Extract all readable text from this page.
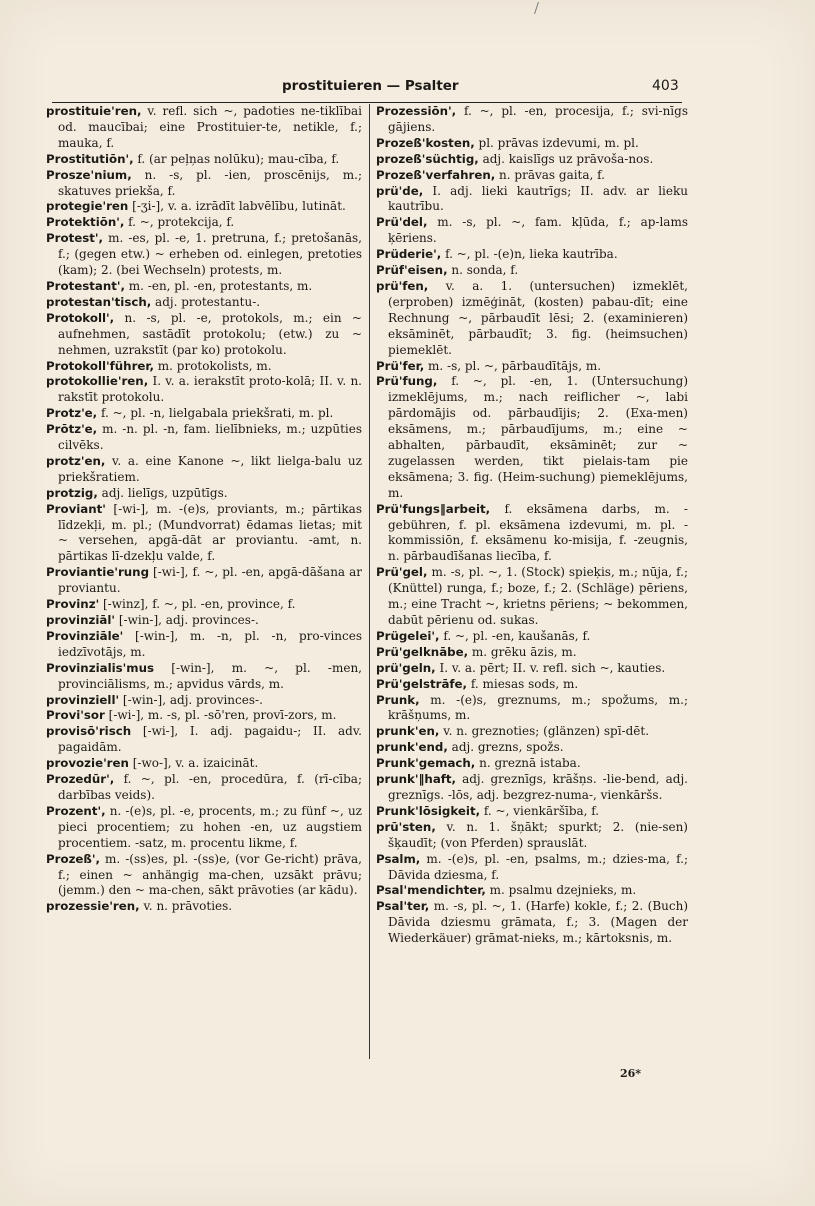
prostituieren — Psalter	403

prostituie'ren, v. refl. sich ~, padoties ne-tiklībai od. maucībai; eine Prostituier-te, netikle, f.; mauka, f.

Prostitutiōn', f. (ar peļņas nolūku); mau-cība, f.

Prosze'nium, n. -s, pl. -ien, proscēnijs, m.; skatuves priekša, f.

protegie'ren [-ʒi-], v. a. izrādīt labvēlību, lutināt.

Protektiōn', f. ~, protekcija, f.

Protest', m. -es, pl. -e, 1. pretruna, f.; pretošanās, f.; (gegen etw.) ~ erheben od. einlegen, pretoties (kam); 2. (bei Wechseln) protests, m.

Protestant', m. -en, pl. -en, protestants, m.

protestan'tisch, adj. protestantu-.

Protokoll', n. -s, pl. -e, protokols, m.; ein ~ aufnehmen, sastādīt protokolu; (etw.) zu ~ nehmen, uzrakstīt (par ko) protokolu.

Protokoll'führer, m. protokolists, m.

protokollie'ren, I. v. a. ierakstīt proto-kolā; II. v. n. rakstīt protokolu.

Protz'e, f. ~, pl. -n, lielgabala priekšrati, m. pl.

Prōtz'e, m. -n. pl. -n, fam. lielībnieks, m.; uzpūties cilvēks.

protz'en, v. a. eine Kanone ~, likt lielga-balu uz priekšratiem.

protzig, adj. lielīgs, uzpūtīgs.

Proviant' [-wi-], m. -(e)s, proviants, m.; pārtikas līdzekļi, m. pl.; (Mundvorrat) ēdamas lietas; mit ~ versehen, apgā-dāt ar proviantu. -amt, n. pārtikas lī-dzekļu valde, f.

Proviantie'rung [-wi-], f. ~, pl. -en, apgā-dāšana ar proviantu.

Provinz' [-winz], f. ~, pl. -en, province, f.

provinziāl' [-win-], adj. provinces-.

Provinziāle' [-win-], m. -n, pl. -n, pro-vinces iedzīvotājs, m.

Provinzialis'mus [-win-], m. ~, pl. -men, provinciālisms, m.; apvidus vārds, m.

provinziell' [-win-], adj. provinces-.

Provi'sor [-wi-], m. -s, pl. -sō'ren, provī-zors, m.

provisō'risch [-wi-], I. adj. pagaidu-; II. adv. pagaidām.

provozie'ren [-wo-], v. a. izaicināt.

Prozedūr', f. ~, pl. -en, procedūra, f. (rī-cība; darbības veids).

Prozent', n. -(e)s, pl. -e, procents, m.; zu fünf ~, uz pieci procentiem; zu hohen -en, uz augstiem procentiem. -satz, m. procentu likme, f.

Prozeß', m. -(ss)es, pl. -(ss)e, (vor Ge-richt) prāva, f.; einen ~ anhängig ma-chen, uzsākt prāvu; (jemm.) den ~ ma-chen, sākt prāvoties (ar kādu).

prozessie'ren, v. n. prāvoties.

Prozessiōn', f. ~, pl. -en, procesija, f.; svi-nīgs gājiens.

Prozeß'kosten, pl. prāvas izdevumi, m. pl.

prozeß'süchtig, adj. kaislīgs uz prāvoša-nos.

Prozeß'verfahren, n. prāvas gaita, f.

prü'de, I. adj. lieki kautrīgs; II. adv. ar lieku kautrību.

Prü'del, m. -s, pl. ~, fam. kļūda, f.; ap-lams ķēriens.

Prüderie', f. ~, pl. -(e)n, lieka kautrība.

Prüf'eisen, n. sonda, f.

prü'fen, v. a. 1. (untersuchen) izmeklēt, (erproben) izmēģināt, (kosten) pabau-dīt; eine Rechnung ~, pārbaudīt lēsi; 2. (examinieren) eksāminēt, pārbaudīt; 3. fig. (heimsuchen) piemeklēt.

Prü'fer, m. -s, pl. ~, pārbaudītājs, m.

Prü'fung, f. ~, pl. -en, 1. (Untersuchung) izmeklējums, m.; nach reiflicher ~, labi pārdomājis od. pārbaudījis; 2. (Exa-men) eksāmens, m.; pārbaudījums, m.; eine ~ abhalten, pārbaudīt, eksāminēt; zur ~ zugelassen werden, tikt pielais-tam pie eksāmena; 3. fig. (Heim-suchung) piemeklējums, m.

Prü'fungs‖arbeit, f. eksāmena darbs, m. -gebühren, f. pl. eksāmena izdevumi, m. pl. -kommissiōn, f. eksāmenu ko-misija, f. -zeugnis, n. pārbaudīšanas liecība, f.

Prü'gel, m. -s, pl. ~, 1. (Stock) spieķis, m.; nūja, f.; (Knüttel) runga, f.; boze, f.; 2. (Schläge) pēriens, m.; eine Tracht ~, krietns pēriens; ~ bekommen, dabūt pērienu od. sukas.

Prügelei', f. ~, pl. -en, kaušanās, f.

Prü'gelknābe, m. grēku āzis, m.

prü'geln, I. v. a. pērt; II. v. refl. sich ~, kauties.

Prü'gelstrāfe, f. miesas sods, m.

Prunk, m. -(e)s, greznums, m.; spožums, m.; krāšņums, m.

prunk'en, v. n. greznoties; (glänzen) spī-dēt.

prunk'end, adj. grezns, spožs.

Prunk'gemach, n. greznā istaba.

prunk'‖haft, adj. greznīgs, krāšņs. -lie-bend, adj. greznīgs. -lōs, adj. bezgrez-numa-, vienkāršs.

Prunk'lōsigkeit, f. ~, vienkāršība, f.

prū'sten, v. n. 1. šņākt; spurkt; 2. (nie-sen) šķaudīt; (von Pferden) sprauslāt.

Psalm, m. -(e)s, pl. -en, psalms, m.; dzies-ma, f.; Dāvida dziesma, f.

Psal'mendichter, m. psalmu dzejnieks, m.

Psal'ter, m. -s, pl. ~, 1. (Harfe) kokle, f.; 2. (Buch) Dāvida dziesmu grāmata, f.; 3. (Magen der Wiederkäuer) grāmat-nieks, m.; kārtoksnis, m.

26*
